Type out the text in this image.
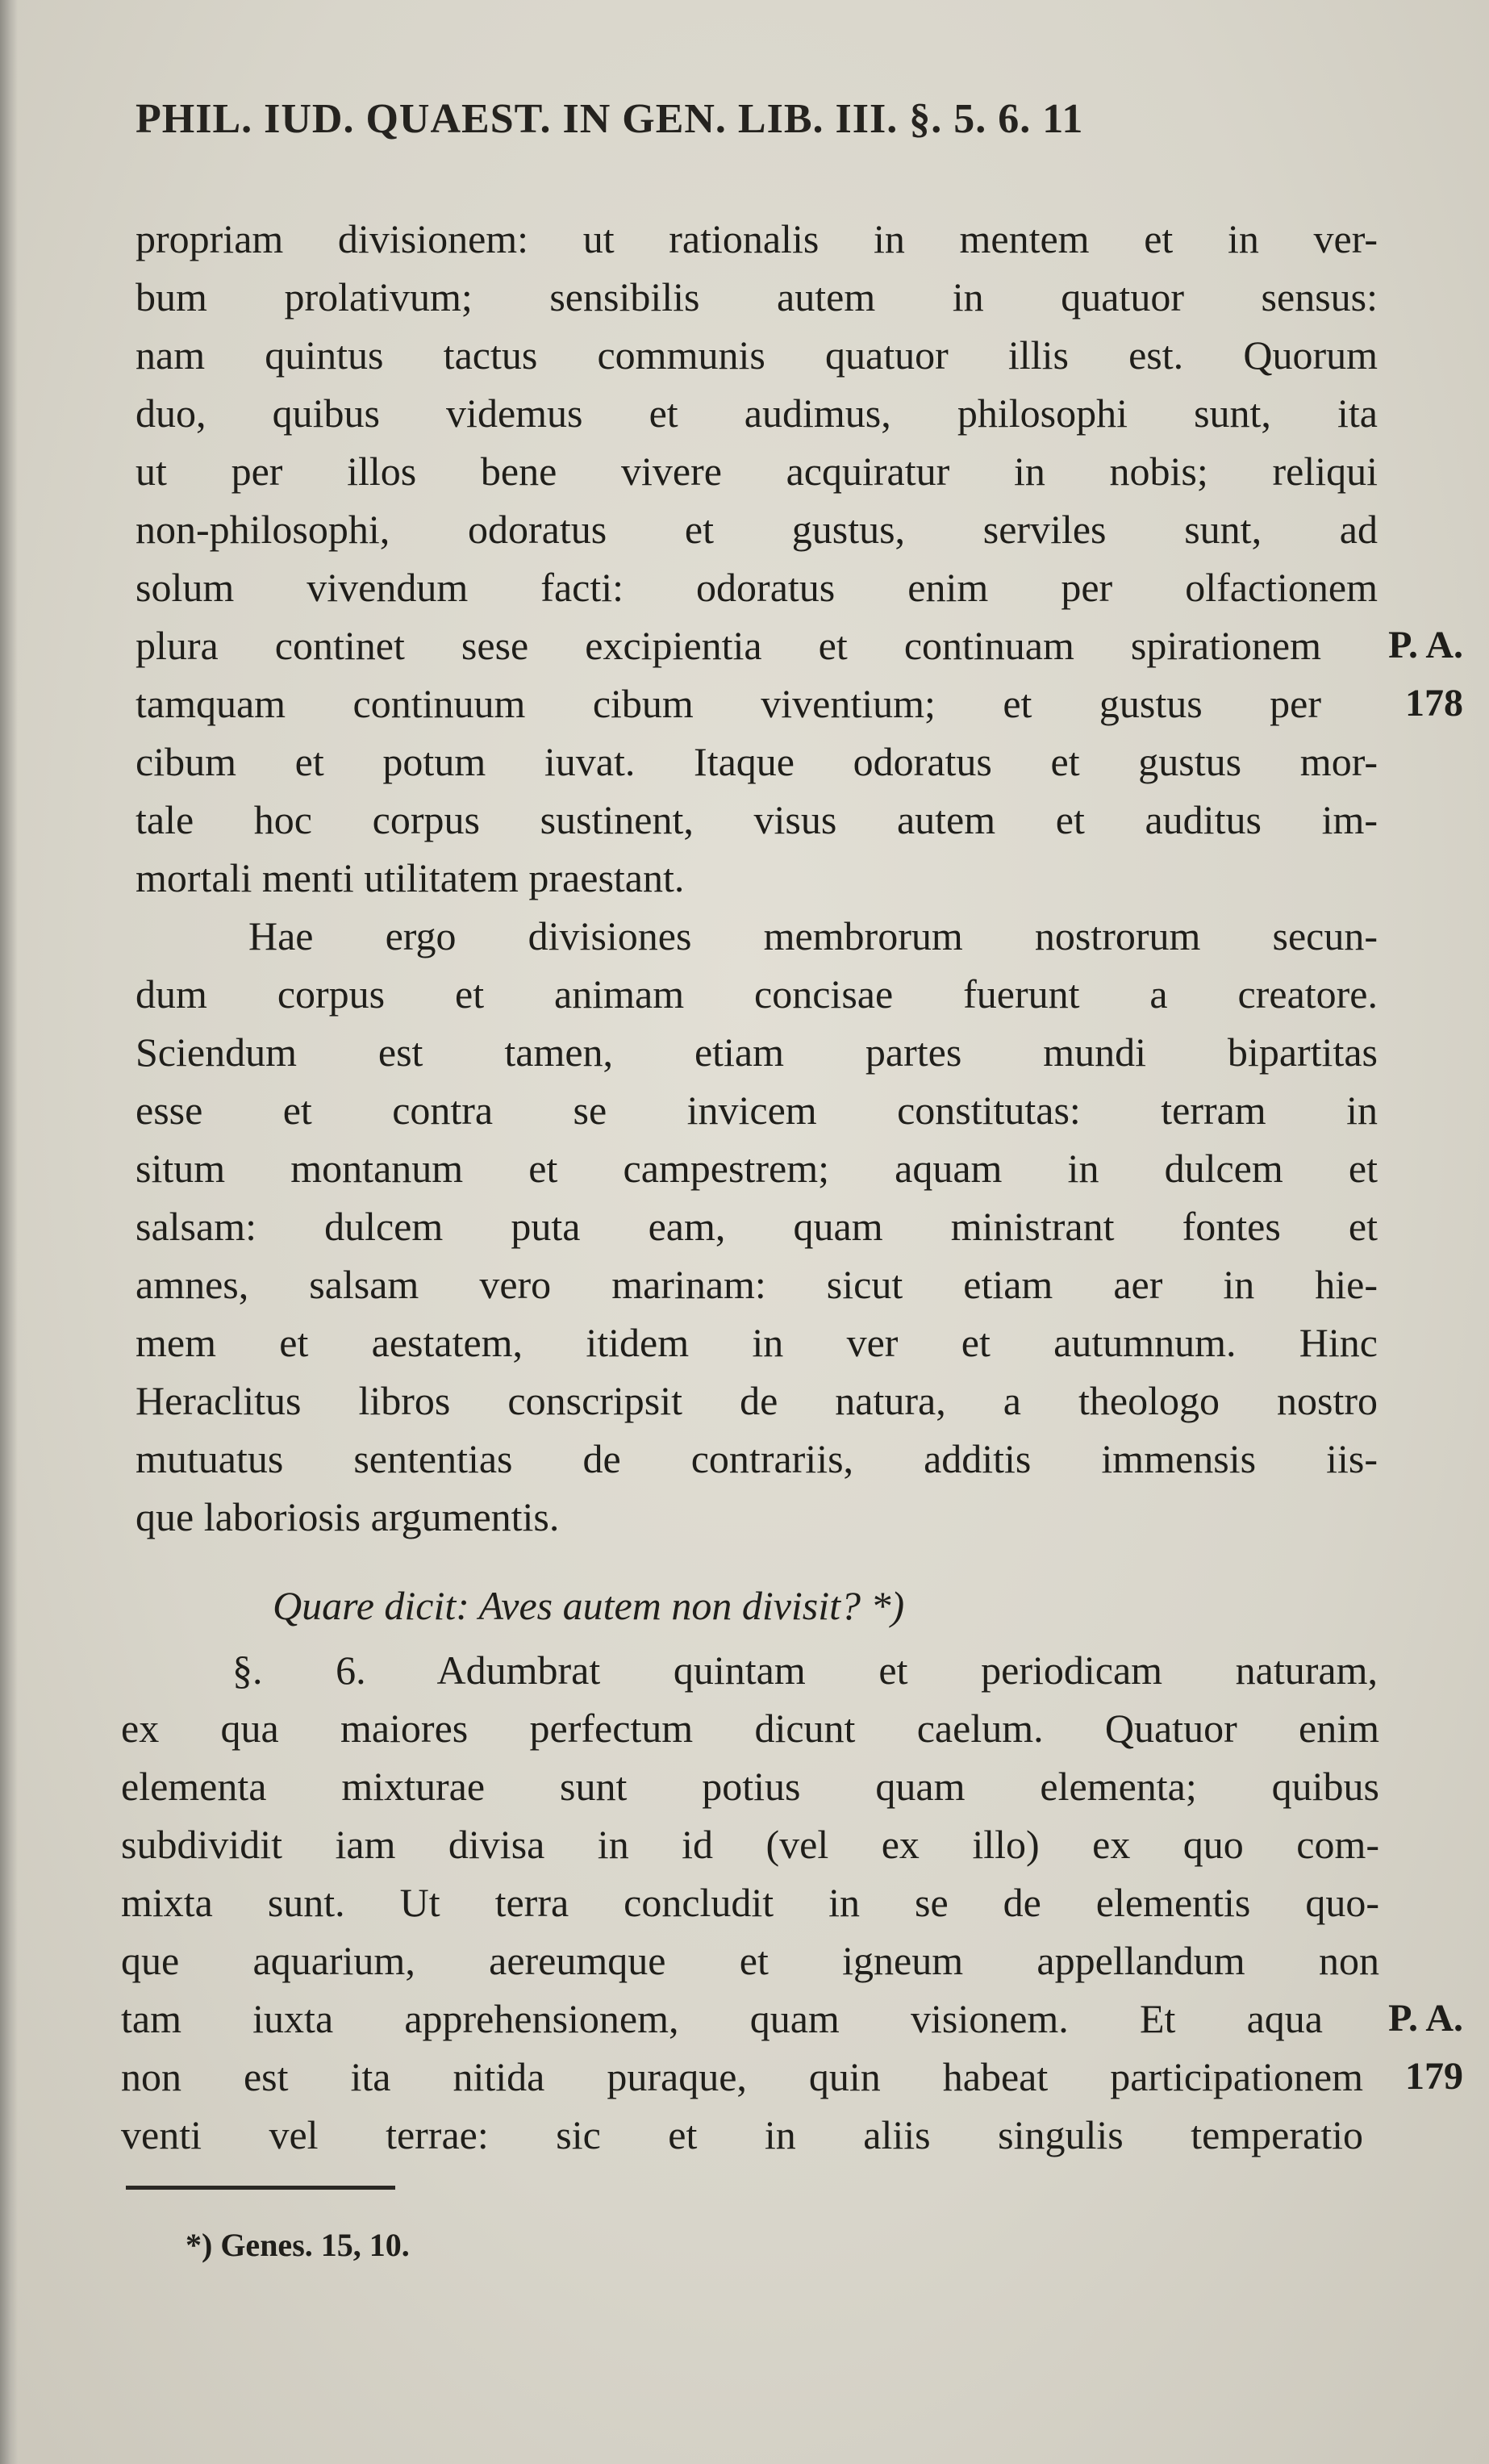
PHIL. IUD. QUAEST. IN GEN. LIB. III. §. 5. 6. 11
propriam divisionem: ut rationalis in mentem et in ver-
bum prolativum; sensibilis autem in quatuor sensus:
nam quintus tactus communis quatuor illis est. Quorum
duo, quibus videmus et audimus, philosophi sunt, ita
ut per illos bene vivere acquiratur in nobis; reliqui
non-philosophi, odoratus et gustus, serviles sunt, ad
solum vivendum facti: odoratus enim per olfactionem
plura continet sese excipientia et continuam spirationem
tamquam continuum cibum viventium; et gustus per
cibum et potum iuvat. Itaque odoratus et gustus mor-
tale hoc corpus sustinent, visus autem et auditus im-
mortali menti utilitatem praestant.
P. A.
178
Hae ergo divisiones membrorum nostrorum secun-
dum corpus et animam concisae fuerunt a creatore.
Sciendum est tamen, etiam partes mundi bipartitas
esse et contra se invicem constitutas: terram in
situm montanum et campestrem; aquam in dulcem et
salsam: dulcem puta eam, quam ministrant fontes et
amnes, salsam vero marinam: sicut etiam aer in hie-
mem et aestatem, itidem in ver et autumnum. Hinc
Heraclitus libros conscripsit de natura, a theologo nostro
mutuatus sententias de contrariis, additis immensis iis-
que laboriosis argumentis.
Quare dicit: Aves autem non divisit? *)
§. 6. Adumbrat quintam et periodicam naturam,
ex qua maiores perfectum dicunt caelum. Quatuor enim
elementa mixturae sunt potius quam elementa; quibus
subdividit iam divisa in id (vel ex illo) ex quo com-
mixta sunt. Ut terra concludit in se de elementis quo-
que aquarium, aereumque et igneum appellandum non
tam iuxta apprehensionem, quam visionem. Et aqua
non est ita nitida puraque, quin habeat participationem
venti vel terrae: sic et in aliis singulis temperatio
P. A.
179
*) Genes. 15, 10.
